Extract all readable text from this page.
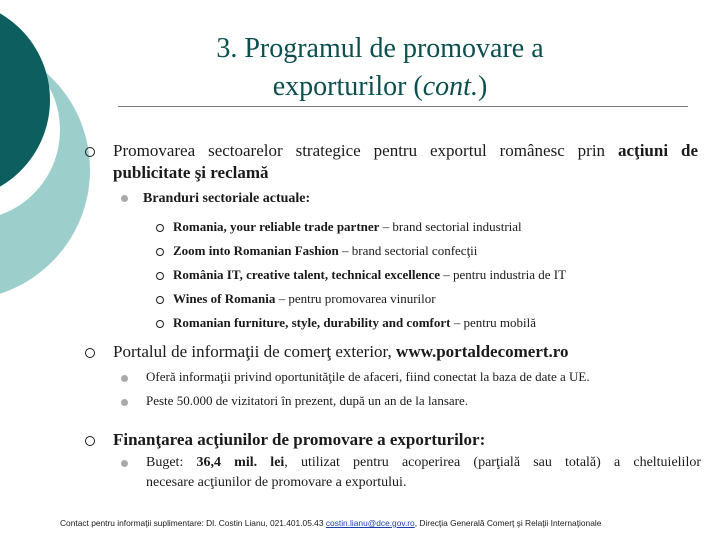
3. Programul de promovare a
exporturilor (cont.)
Promovarea sectoarelor strategice pentru exportul românesc prin acţiuni de
publicitate şi reclamă
Branduri sectoriale actuale:
Romania, your reliable trade partner – brand sectorial industrial
Zoom into Romanian Fashion – brand sectorial confecţii
România IT, creative talent, technical excellence – pentru industria de IT
Wines of Romania – pentru promovarea vinurilor
Romanian furniture, style, durability and comfort – pentru mobilă
Portalul de informaţii de comerţ exterior, www.portaldecomert.ro
Oferă informaţii privind oportunităţile de afaceri, fiind conectat la baza de date a UE.
Peste 50.000 de vizitatori în prezent, după un an de la lansare.
Finanţarea acţiunilor de promovare a exporturilor:
Buget: 36,4 mil. lei, utilizat pentru acoperirea (parţială sau totală) a cheltuielilor
necesare acţiunilor de promovare a exportului.
Contact pentru informaţii suplimentare: Dl. Costin Lianu, 021.401.05.43 costin.lianu@dce.gov.ro, Direcţia Generală Comerţ şi Relaţii Internaţionale
